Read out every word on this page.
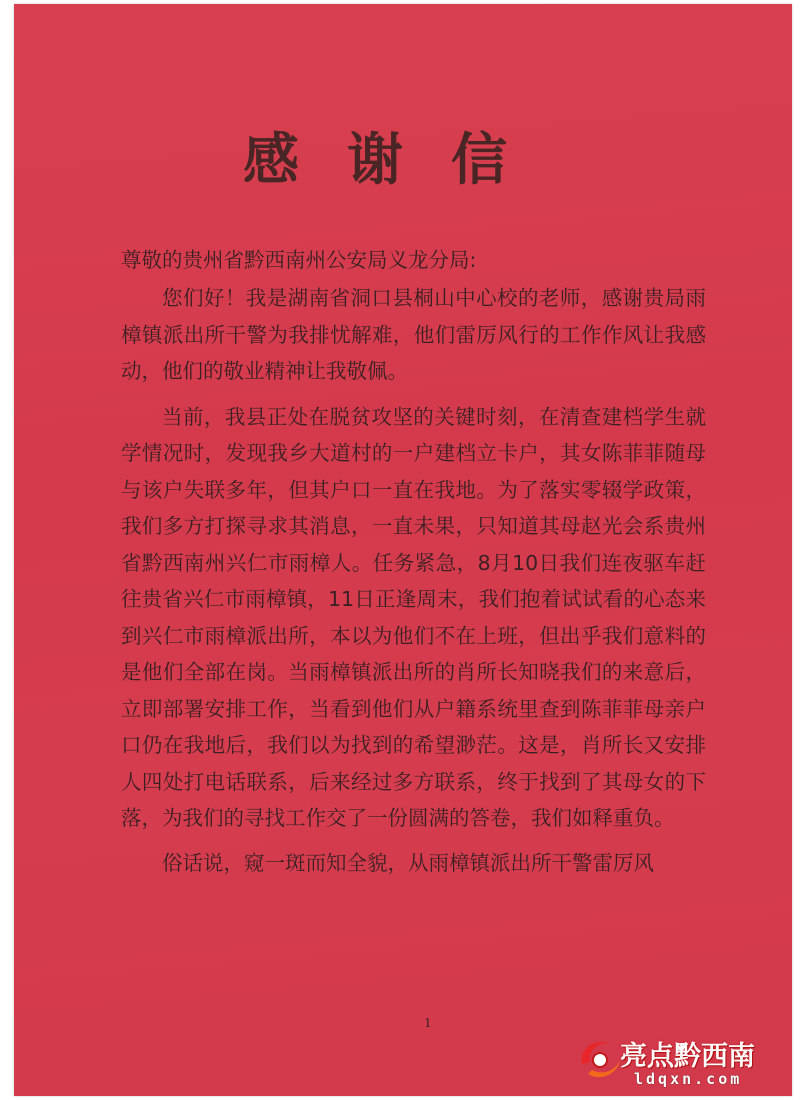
感谢信

尊敬的贵州省黔西南州公安局义龙分局:

您们好！我是湖南省洞口县桐山中心校的老师，感谢贵局雨樟镇派出所干警为我排忧解难，他们雷厉风行的工作作风让我感动，他们的敬业精神让我敬佩。

当前，我县正处在脱贫攻坚的关键时刻，在清查建档学生就学情况时，发现我乡大道村的一户建档立卡户，其女陈菲菲随母与该户失联多年，但其户口一直在我地。为了落实零辍学政策，我们多方打探寻求其消息，一直未果，只知道其母赵光会系贵州省黔西南州兴仁市雨樟人。任务紧急，8月10日我们连夜驱车赶往贵省兴仁市雨樟镇，11日正逢周末，我们抱着试试看的心态来到兴仁市雨樟派出所，本以为他们不在上班，但出乎我们意料的是他们全部在岗。当雨樟镇派出所的肖所长知晓我们的来意后，立即部署安排工作，当看到他们从户籍系统里查到陈菲菲母亲户口仍在我地后，我们以为找到的希望渺茫。这是，肖所长又安排人四处打电话联系，后来经过多方联系，终于找到了其母女的下落，为我们的寻找工作交了一份圆满的答卷，我们如释重负。

俗话说，窥一斑而知全貌，从雨樟镇派出所干警雷厉风

1
亮点黔西南
ldqxn.com
